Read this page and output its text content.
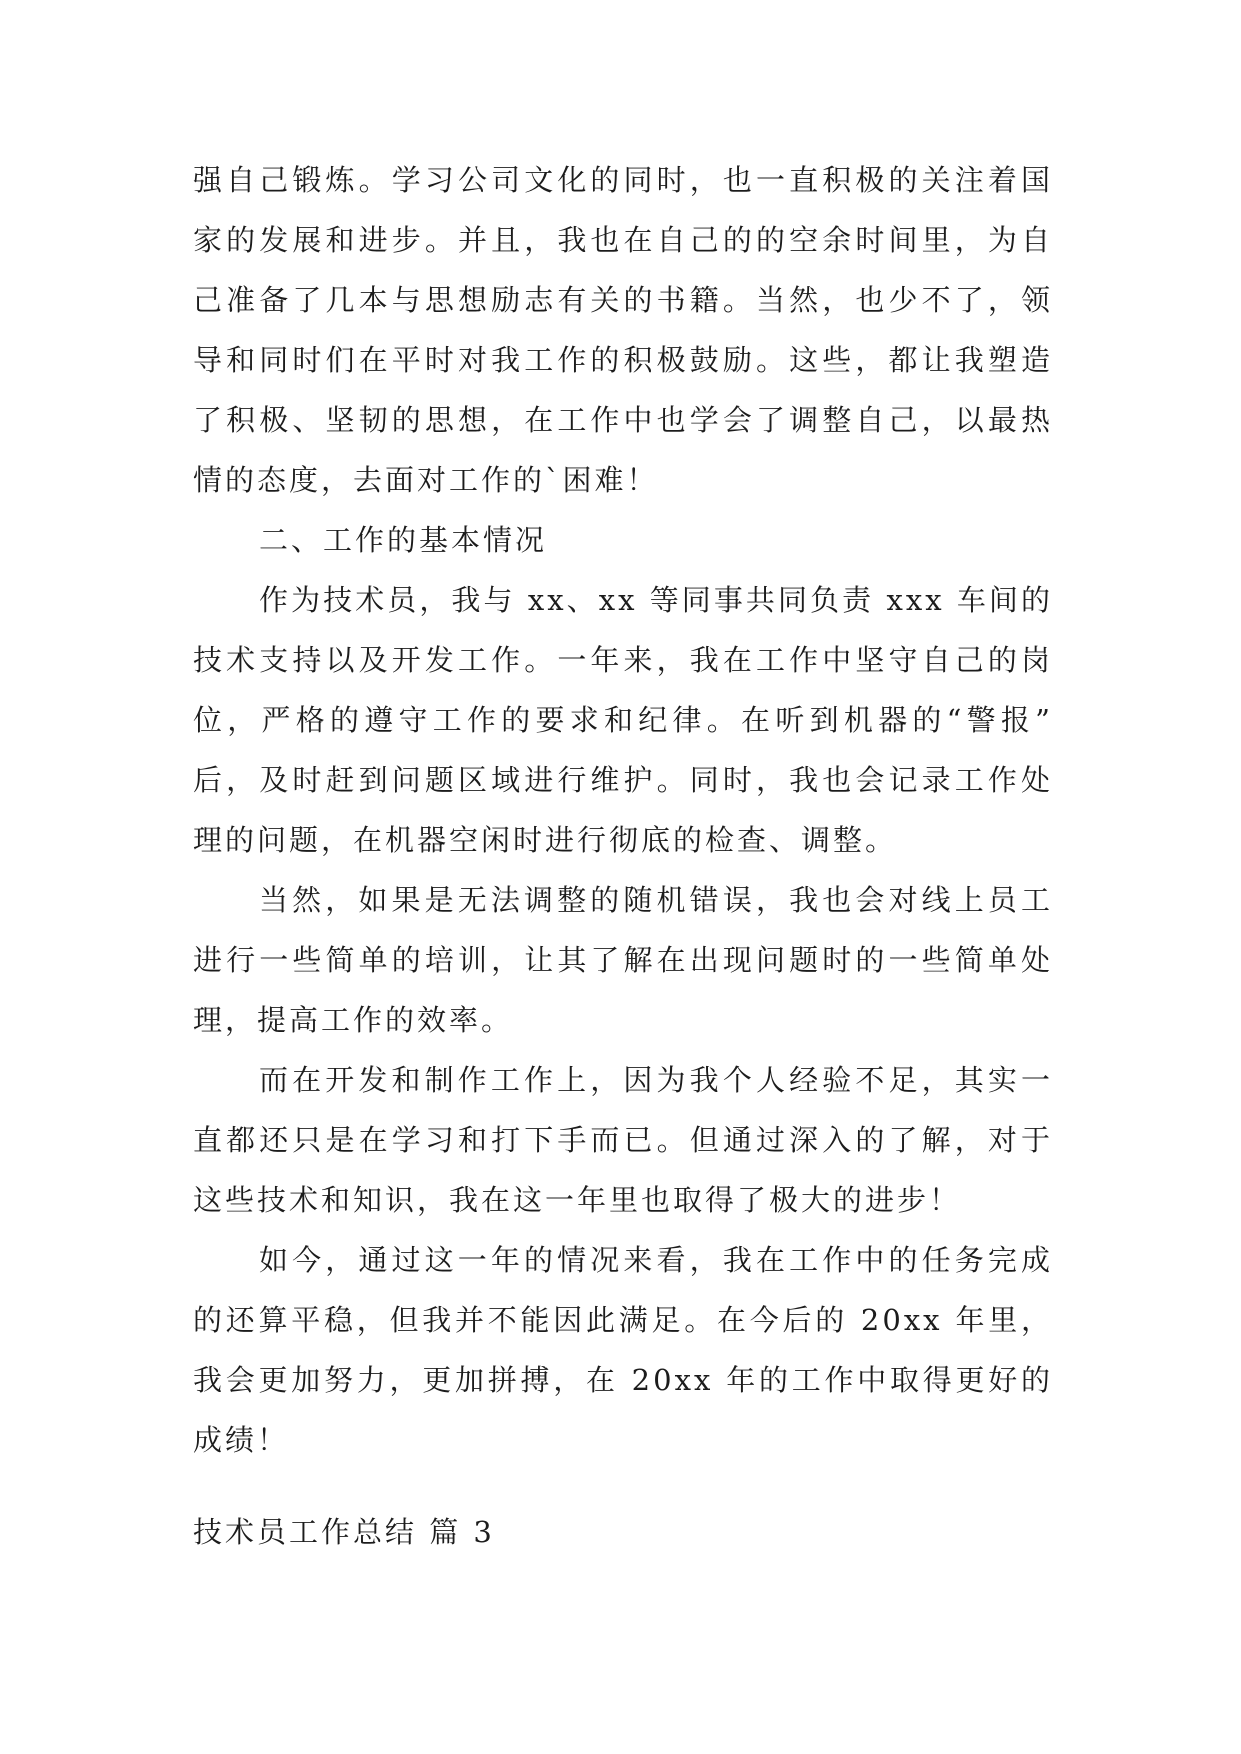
强自己锻炼。学习公司文化的同时，也一直积极的关注着国
家的发展和进步。并且，我也在自己的的空余时间里，为自
己准备了几本与思想励志有关的书籍。当然，也少不了，领
导和同时们在平时对我工作的积极鼓励。这些，都让我塑造
了积极、坚韧的思想，在工作中也学会了调整自己，以最热
情的态度，去面对工作的`困难！
二、工作的基本情况
作为技术员，我与 xx、xx 等同事共同负责 xxx 车间的
技术支持以及开发工作。一年来，我在工作中坚守自己的岗
位，严格的遵守工作的要求和纪律。在听到机器的“警报”
后，及时赶到问题区域进行维护。同时，我也会记录工作处
理的问题，在机器空闲时进行彻底的检查、调整。
当然，如果是无法调整的随机错误，我也会对线上员工
进行一些简单的培训，让其了解在出现问题时的一些简单处
理，提高工作的效率。
而在开发和制作工作上，因为我个人经验不足，其实一
直都还只是在学习和打下手而已。但通过深入的了解，对于
这些技术和知识，我在这一年里也取得了极大的进步！
如今，通过这一年的情况来看，我在工作中的任务完成
的还算平稳，但我并不能因此满足。在今后的 20xx 年里，
我会更加努力，更加拼搏，在 20xx 年的工作中取得更好的
成绩！
技术员工作总结 篇 3
